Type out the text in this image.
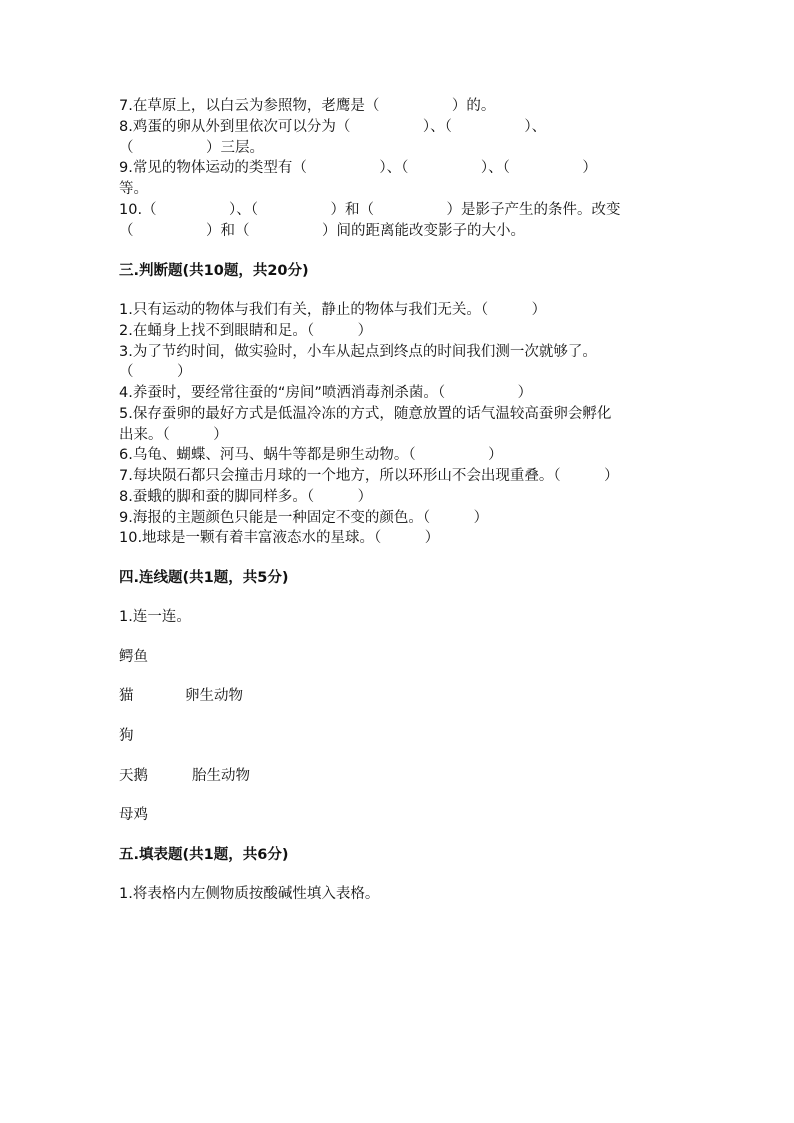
7.在草原上，以白云为参照物，老鹰是（　　　　　）的。
8.鸡蛋的卵从外到里依次可以分为（　　　　　）、（　　　　　）、
（　　　　　）三层。
9.常见的物体运动的类型有（　　　　　）、（　　　　　）、（　　　　　）
等。
10.（　　　　　）、（　　　　　）和（　　　　　）是影子产生的条件。改变
（　　　　　）和（　　　　　）间的距离能改变影子的大小。
三.判断题(共10题，共20分)
1.只有运动的物体与我们有关，静止的物体与我们无关。（　　　）
2.在蛹身上找不到眼睛和足。（　　　）
3.为了节约时间，做实验时，小车从起点到终点的时间我们测一次就够了。
（　　　）
4.养蚕时，要经常往蚕的“房间”喷洒消毒剂杀菌。（　　　　　）
5.保存蚕卵的最好方式是低温冷冻的方式，随意放置的话气温较高蚕卵会孵化
出来。（　　　）
6.乌龟、蝴蝶、河马、蜗牛等都是卵生动物。（　　　　　）
7.每块陨石都只会撞击月球的一个地方，所以环形山不会出现重叠。（　　　）
8.蚕蛾的脚和蚕的脚同样多。（　　　）
9.海报的主题颜色只能是一种固定不变的颜色。（　　　）
10.地球是一颗有着丰富液态水的星球。（　　　）
四.连线题(共1题，共5分)
1.连一连。
鳄鱼
猫	卵生动物
狗
天鹅	胎生动物
母鸡
五.填表题(共1题，共6分)
1.将表格内左侧物质按酸碱性填入表格。
